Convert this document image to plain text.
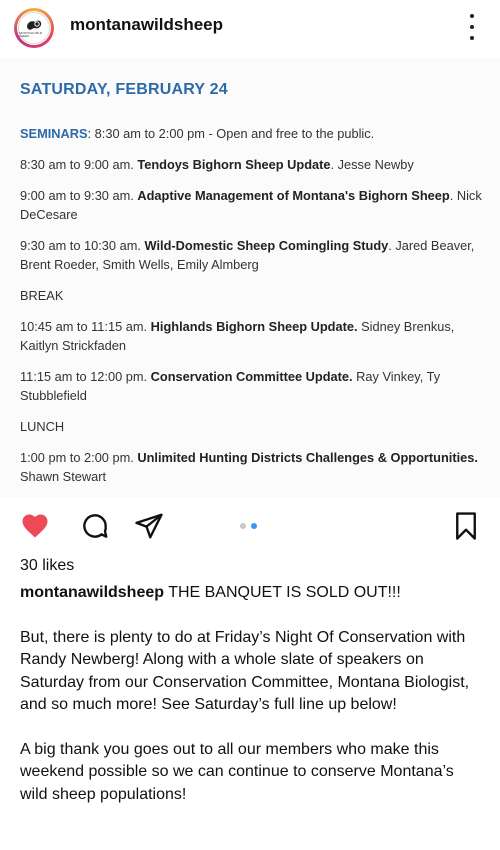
MONTANA WILD SHEEP
montanawildsheep
SATURDAY, FEBRUARY 24
SEMINARS: 8:30 am to 2:00 pm - Open and free to the public.
8:30 am to 9:00 am. Tendoys Bighorn Sheep Update. Jesse Newby
9:00 am to 9:30 am. Adaptive Management of Montana's Bighorn Sheep. Nick DeCesare
9:30 am to 10:30 am. Wild-Domestic Sheep Comingling Study. Jared Beaver, Brent Roeder, Smith Wells, Emily Almberg
BREAK
10:45 am to 11:15 am. Highlands Bighorn Sheep Update. Sidney Brenkus, Kaitlyn Strickfaden
11:15 am to 12:00 pm. Conservation Committee Update. Ray Vinkey, Ty Stubblefield
LUNCH
1:00 pm to 2:00 pm. Unlimited Hunting Districts Challenges & Opportunities. Shawn Stewart
30 likes

montanawildsheep THE BANQUET IS SOLD OUT!!!

But, there is plenty to do at Friday’s Night Of Conservation with Randy Newberg! Along with a whole slate of speakers on Saturday from our Conservation Committee, Montana Biologist, and so much more! See Saturday’s full line up below!

A big thank you goes out to all our members who make this weekend possible so we can continue to conserve Montana’s wild sheep populations!
